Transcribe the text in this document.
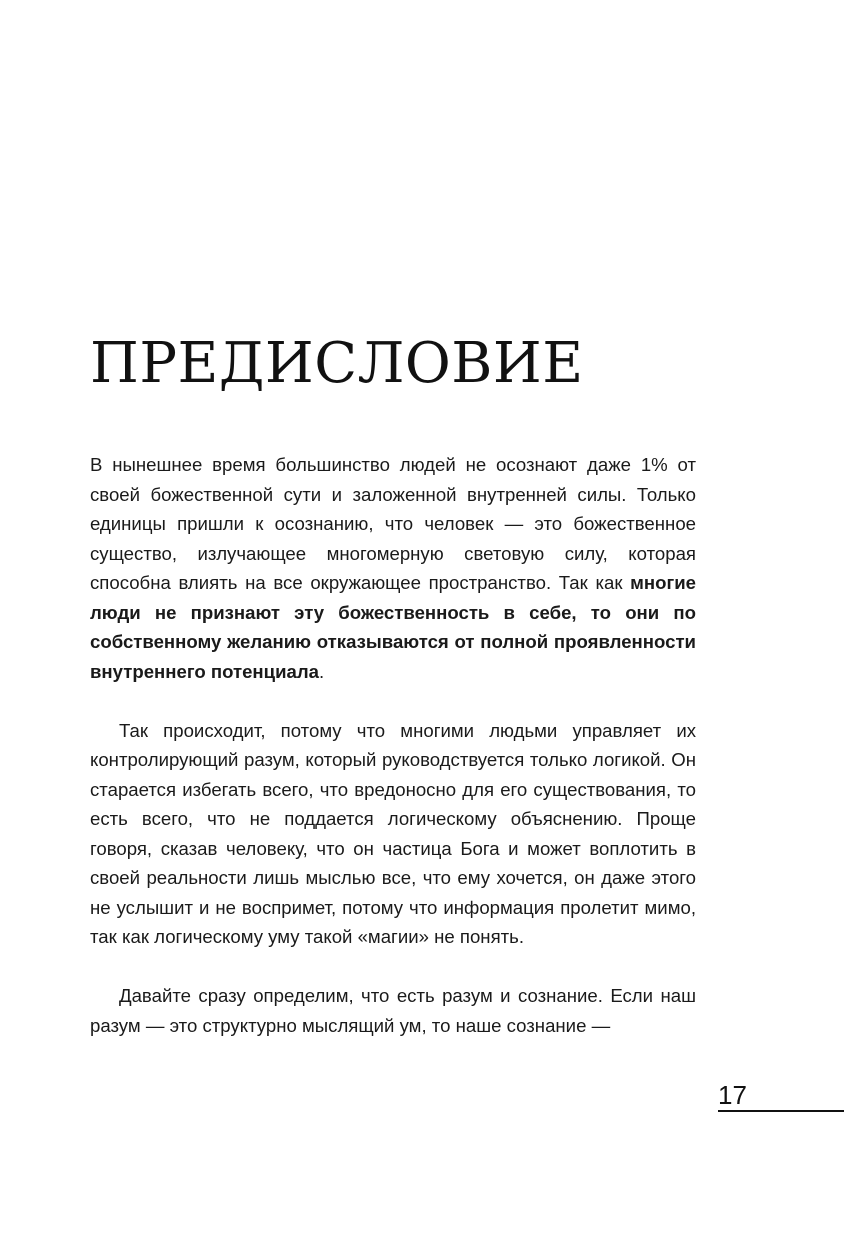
ПРЕДИСЛОВИЕ

В нынешнее время большинство людей не осознают даже 1% от своей божественной сути и заложенной внутренней силы. Только единицы пришли к осознанию, что человек — это божественное существо, излучающее многомерную световую силу, которая способна влиять на все окружающее пространство. Так как многие люди не признают эту божественность в себе, то они по собственному желанию отказываются от полной проявленности внутреннего потенциала.

Так происходит, потому что многими людьми управляет их контролирующий разум, который руководствуется только логикой. Он старается избегать всего, что вредоносно для его существования, то есть всего, что не поддается логическому объяснению. Проще говоря, сказав человеку, что он частица Бога и может воплотить в своей реальности лишь мыслью все, что ему хочется, он даже этого не услышит и не воспримет, потому что информация пролетит мимо, так как логическому уму такой «магии» не понять.

Давайте сразу определим, что есть разум и сознание. Если наш разум — это структурно мыслящий ум, то наше сознание —

17
